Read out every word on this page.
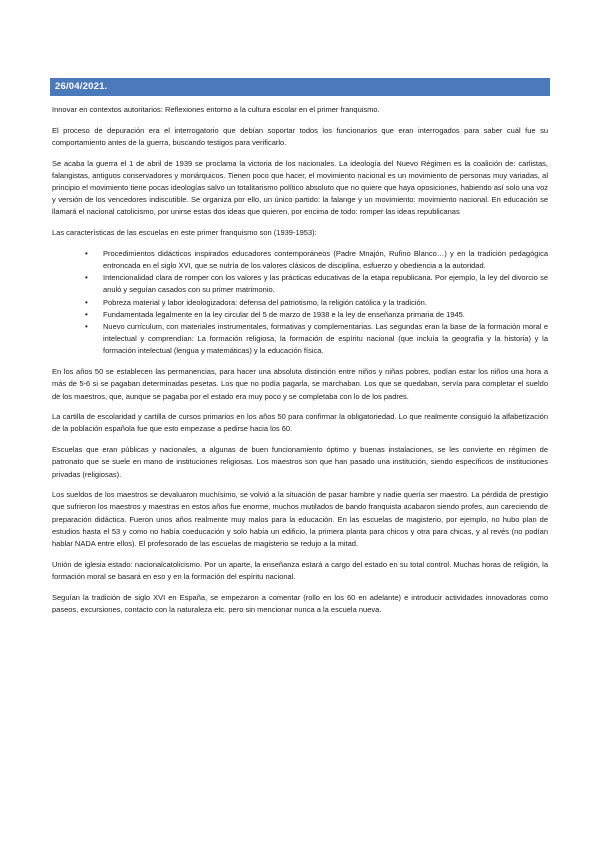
26/04/2021.

Innovar en contextos autoritarios: Reflexiones entorno a la cultura escolar en el primer franquismo.

El proceso de depuración era el interrogatorio que debían soportar todos los funcionarios que eran interrogados para saber cuál fue su comportamiento antes de la guerra, buscando testigos para verificarlo.

Se acaba la guerra el 1 de abril de 1939 se proclama la victoria de los nacionales. La ideología del Nuevo Régimen es la coalición de: carlistas, falangistas, antiguos conservadores y monárquicos. Tienen poco que hacer, el movimiento nacional es un movimiento de personas muy variadas, al principio el movimiento tiene pocas ideologías salvo un totalitarismo político absoluto que no quiere que haya oposiciones, habiendo así solo una voz y versión de los vencedores indiscutible. Se organiza por ello, un único partido: la falange y un movimiento: movimiento nacional. En educación se llamará el nacional catolicismo, por unirse estas dos ideas que quieren, por encima de todo: romper las ideas republicanas

Las características de las escuelas en este primer franquismo son (1939-1953):

• Procedimientos didácticos inspirados educadores contemporáneos (Padre Mnajón, Rufino Blanco…) y en la tradición pedagógica entroncada en el siglo XVI, que se nutría de los valores clásicos de disciplina, esfuerzo y obediencia a la autoridad.
• Intencionalidad clara de romper con los valores y las prácticas educativas de la etapa republicana. Por ejemplo, la ley del divorcio se anuló y seguían casados con su primer matrimonio.
• Pobreza material y labor ideologizadora: defensa del patriotismo, la religión católica y la tradición.
• Fundamentada legalmente en la ley circular del 5 de marzo de 1938 e la ley de enseñanza primaria de 1945.
• Nuevo currículum, con materiales instrumentales, formativas y complementarias. Las segundas eran la base de la formación moral e intelectual y comprendían: La formación religiosa, la formación de espíritu nacional (que incluía la geografía y la historia) y la formación intelectual (lengua y matemáticas) y la educación física.

En los años 50 se establecen las permanencias, para hacer una absoluta distinción entre niños y niñas pobres, podían estar los niños una hora a más de 5-6 si se pagaban determinadas pesetas. Los que no podía pagarla, se marchaban. Los que se quedaban, servía para completar el sueldo de los maestros, que, aunque se pagaba por el estado era muy poco y se completaba con lo de los padres.

La cartilla de escolaridad y cartilla de cursos primarios en los años 50 para confirmar la obligatoriedad. Lo que realmente consiguió la alfabetización de la población española fue que esto empezase a pedirse hacia los 60.

Escuelas que eran públicas y nacionales, a algunas de buen funcionamiento óptimo y buenas instalaciones, se les convierte en régimen de patronato que se suele en mano de instituciones religiosas. Los maestros son que han pasado una institución, siendo específicos de instituciones privadas (religiosas).

Los sueldos de los maestros se devaluaron muchísimo, se volvió a la situación de pasar hambre y nadie quería ser maestro. La pérdida de prestigio que sufrieron los maestros y maestras en estos años fue enorme, muchos mutilados de bando franquista acabaron siendo profes, aun careciendo de preparación didáctica. Fueron unos años realmente muy malos para la educación. En las escuelas de magisterio, por ejemplo, no hubo plan de estudios hasta el 53 y como no había coeducación y solo había un edificio, la primera planta para chicos y otra para chicas, y al revés (no podían hablar NADA entre ellos). El profesorado de las escuelas de magisterio se redujo a la mitad.

Unión de iglesia estado: nacionalcatolicismo. Por un aparte, la enseñanza estará a cargo del estado en su total control. Muchas horas de religión, la formación moral se basará en eso y en la formación del espíritu nacional.

Seguían la tradición de siglo XVI en España, se empezaron a comentar (rollo en los 60 en adelante) e introducir actividades innovadoras como paseos, excursiones, contacto con la naturaleza etc. pero sin mencionar nunca a la escuela nueva.
